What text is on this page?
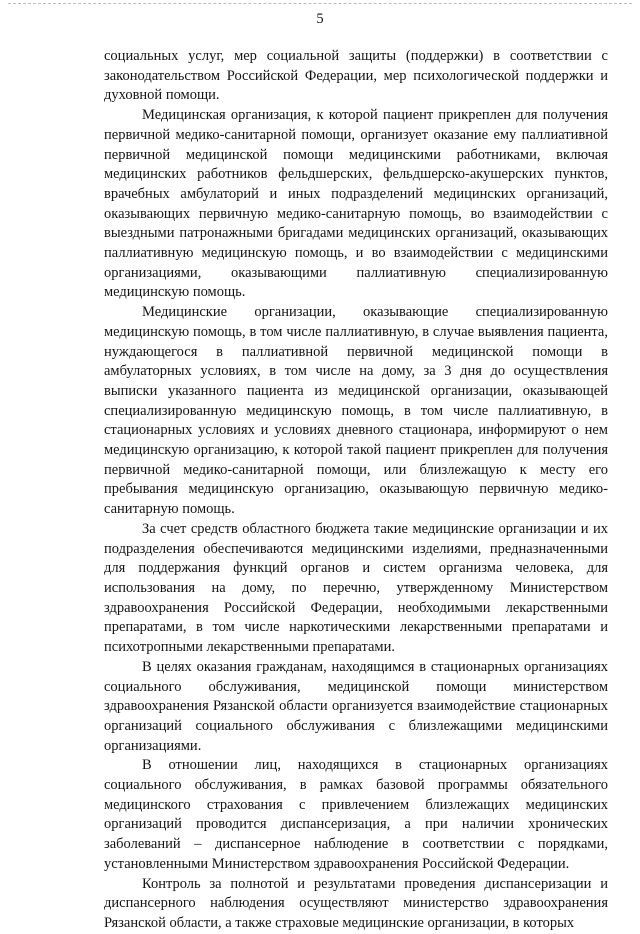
5

социальных услуг, мер социальной защиты (поддержки) в соответствии с законодательством Российской Федерации, мер психологической поддержки и духовной помощи.

Медицинская организация, к которой пациент прикреплен для получения первичной медико-санитарной помощи, организует оказание ему паллиативной первичной медицинской помощи медицинскими работниками, включая медицинских работников фельдшерских, фельдшерско-акушерских пунктов, врачебных амбулаторий и иных подразделений медицинских организаций, оказывающих первичную медико-санитарную помощь, во взаимодействии с выездными патронажными бригадами медицинских организаций, оказывающих паллиативную медицинскую помощь, и во взаимодействии с медицинскими организациями, оказывающими паллиативную специализированную медицинскую помощь.

Медицинские организации, оказывающие специализированную медицинскую помощь, в том числе паллиативную, в случае выявления пациента, нуждающегося в паллиативной первичной медицинской помощи в амбулаторных условиях, в том числе на дому, за 3 дня до осуществления выписки указанного пациента из медицинской организации, оказывающей специализированную медицинскую помощь, в том числе паллиативную, в стационарных условиях и условиях дневного стационара, информируют о нем медицинскую организацию, к которой такой пациент прикреплен для получения первичной медико-санитарной помощи, или близлежащую к месту его пребывания медицинскую организацию, оказывающую первичную медико-санитарную помощь.

За счет средств областного бюджета такие медицинские организации и их подразделения обеспечиваются медицинскими изделиями, предназначенными для поддержания функций органов и систем организма человека, для использования на дому, по перечню, утвержденному Министерством здравоохранения Российской Федерации, необходимыми лекарственными препаратами, в том числе наркотическими лекарственными препаратами и психотропными лекарственными препаратами.

В целях оказания гражданам, находящимся в стационарных организациях социального обслуживания, медицинской помощи министерством здравоохранения Рязанской области организуется взаимодействие стационарных организаций социального обслуживания с близлежащими медицинскими организациями.

В отношении лиц, находящихся в стационарных организациях социального обслуживания, в рамках базовой программы обязательного медицинского страхования с привлечением близлежащих медицинских организаций проводится диспансеризация, а при наличии хронических заболеваний – диспансерное наблюдение в соответствии с порядками, установленными Министерством здравоохранения Российской Федерации.

Контроль за полнотой и результатами проведения диспансеризации и диспансерного наблюдения осуществляют министерство здравоохранения Рязанской области, а также страховые медицинские организации, в которых
